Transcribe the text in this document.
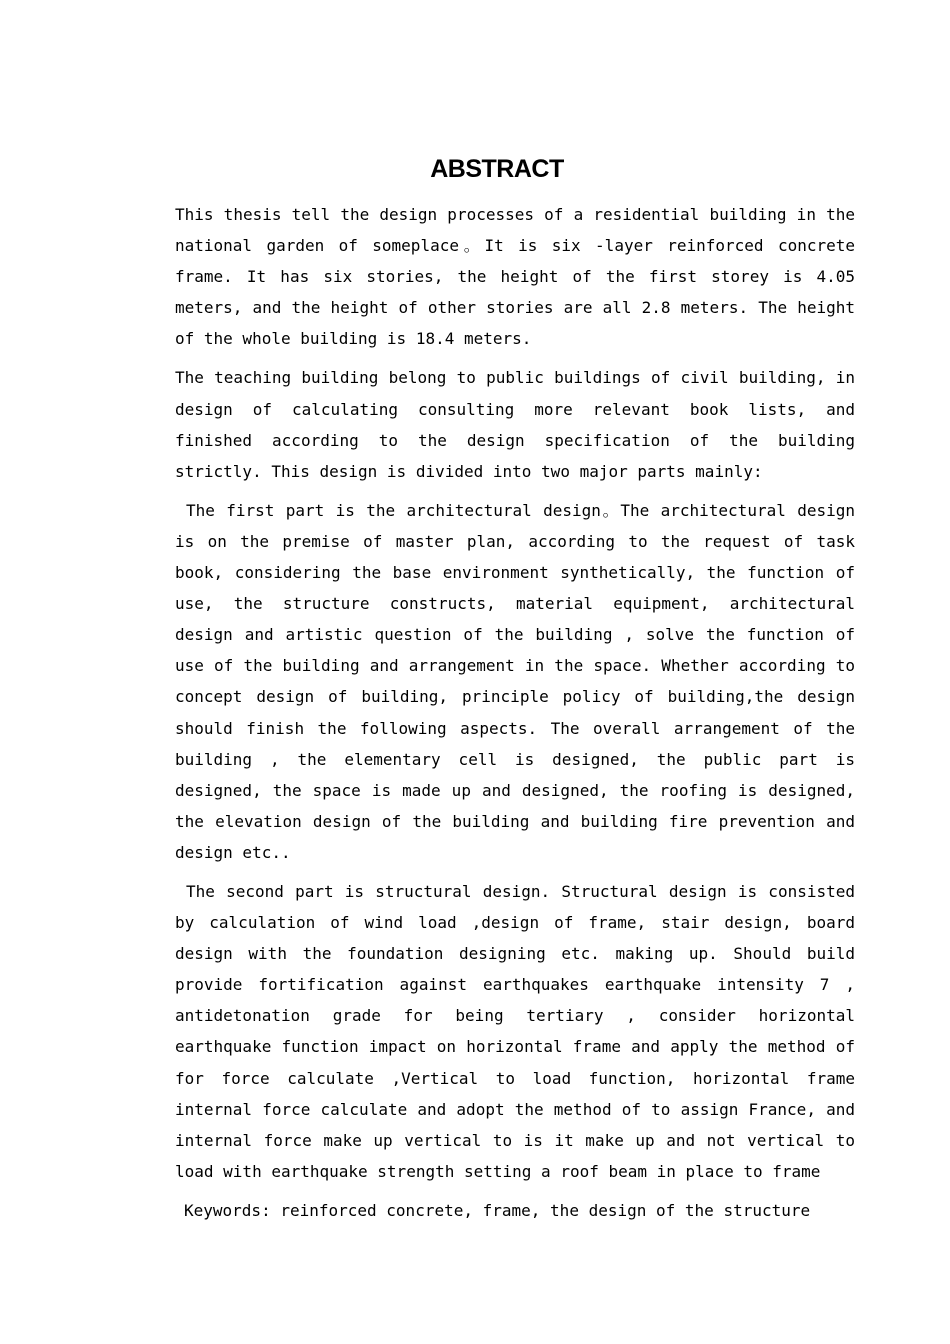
ABSTRACT

This thesis tell the design processes of a residential building in the national garden of someplace。It is six -layer reinforced concrete frame. It has six stories, the height of the first storey is 4.05 meters, and the height of other stories are all 2.8 meters. The height of the whole building is 18.4 meters.

The teaching building belong to public buildings of civil building, in design of calculating consulting more relevant book lists, and finished according to the design specification of the building strictly. This design is divided into two major parts mainly:

The first part is the architectural design。The architectural design is on the premise of master plan, according to the request of task book, considering the base environment synthetically, the function of use, the structure constructs, material equipment, architectural design and artistic question of the building , solve the function of use of the building and arrangement in the space. Whether according to concept design of building, principle policy of building,the design should finish the following aspects. The overall arrangement of the building , the elementary cell is designed, the public part is designed, the space is made up and designed, the roofing is designed, the elevation design of the building and building fire prevention and design etc..

The second part is structural design. Structural design is consisted by calculation of wind load ,design of frame, stair design, board design with the foundation designing etc. making up. Should build provide fortification against earthquakes earthquake intensity 7 , antidetonation grade for being tertiary , consider horizontal earthquake function impact on horizontal frame and apply the method of for force calculate ,Vertical to load function, horizontal frame internal force calculate and adopt the method of to assign France, and internal force make up vertical to is it make up and not vertical to load with earthquake strength setting a roof beam in place to frame

Keywords: reinforced concrete, frame, the design of the structure
